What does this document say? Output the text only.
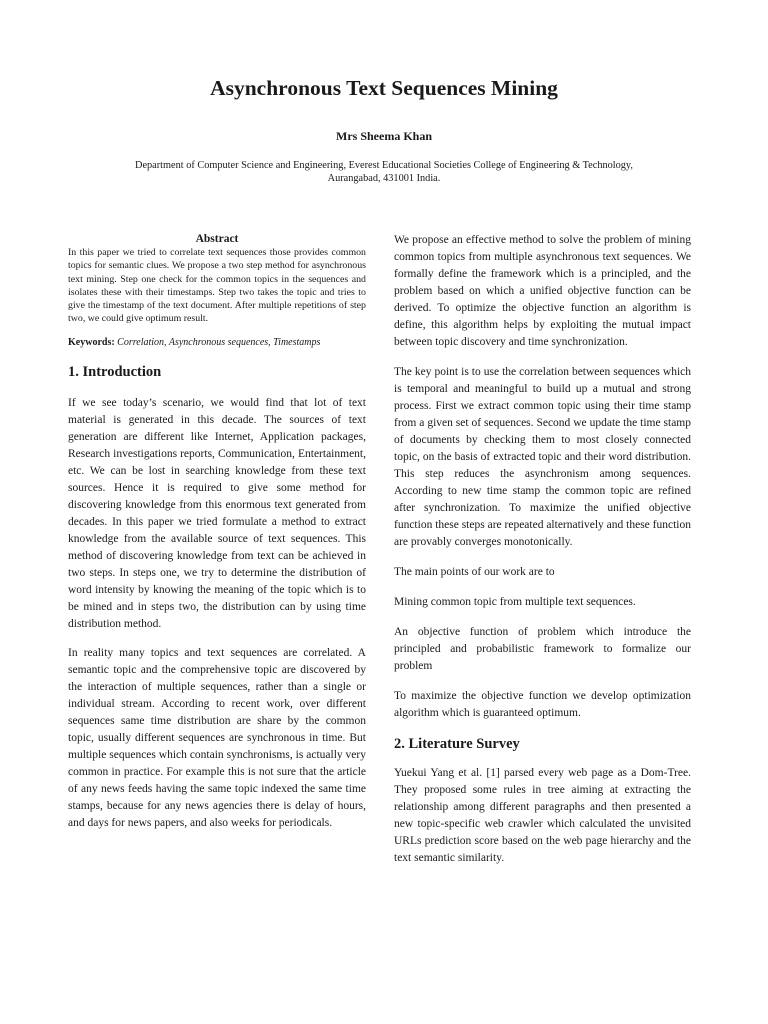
Asynchronous Text Sequences Mining
Mrs Sheema Khan
Department of Computer Science and Engineering, Everest Educational Societies College of Engineering & Technology,
Aurangabad, 431001 India.
Abstract

In this paper we tried to correlate text sequences those provides common topics for semantic clues. We propose a two step method for asynchronous text mining. Step one check for the common topics in the sequences and isolates these with their timestamps. Step two takes the topic and tries to give the timestamp of the text document. After multiple repetitions of step two, we could give optimum result.

Keywords: Correlation, Asynchronous sequences, Timestamps

1. Introduction

If we see today’s scenario, we would find that lot of text material is generated in this decade. The sources of text generation are different like Internet, Application packages, Research investigations reports, Communication, Entertainment, etc. We can be lost in searching knowledge from these text sources. Hence it is required to give some method for discovering knowledge from this enormous text generated from decades. In this paper we tried formulate a method to extract knowledge from the available source of text sequences. This method of discovering knowledge from text can be achieved in two steps. In steps one, we try to determine the distribution of word intensity by knowing the meaning of the topic which is to be mined and in steps two, the distribution can by using time distribution method.

In reality many topics and text sequences are correlated. A semantic topic and the comprehensive topic are discovered by the interaction of multiple sequences, rather than a single or individual stream. According to recent work, over different sequences same time distribution are share by the common topic, usually different sequences are synchronous in time. But multiple sequences which contain synchronisms, is actually very common in practice. For example this is not sure that the article of any news feeds having the same topic indexed the same time stamps, because for any news agencies there is delay of hours, and days for news papers, and also weeks for periodicals.

We propose an effective method to solve the problem of mining common topics from multiple asynchronous text sequences. We formally define the framework which is a principled, and the problem based on which a unified objective function can be derived. To optimize the objective function an algorithm is define, this algorithm helps by exploiting the mutual impact between topic discovery and time synchronization.

The key point is to use the correlation between sequences which is temporal and meaningful to build up a mutual and strong process. First we extract common topic using their time stamp from a given set of sequences. Second we update the time stamp of documents by checking them to most closely connected topic, on the basis of extracted topic and their word distribution. This step reduces the asynchronism among sequences. According to new time stamp the common topic are refined after synchronization. To maximize the unified objective function these steps are repeated alternatively and these function are provably converges monotonically.

The main points of our work are to

Mining common topic from multiple text sequences.

An objective function of problem which introduce the principled and probabilistic framework to formalize our problem

To maximize the objective function we develop optimization algorithm which is guaranteed optimum.

2. Literature Survey

Yuekui Yang et al. [1] parsed every web page as a Dom-Tree. They proposed some rules in tree aiming at extracting the relationship among different paragraphs and then presented a new topic-specific web crawler which calculated the unvisited URLs prediction score based on the web page hierarchy and the text semantic similarity.
